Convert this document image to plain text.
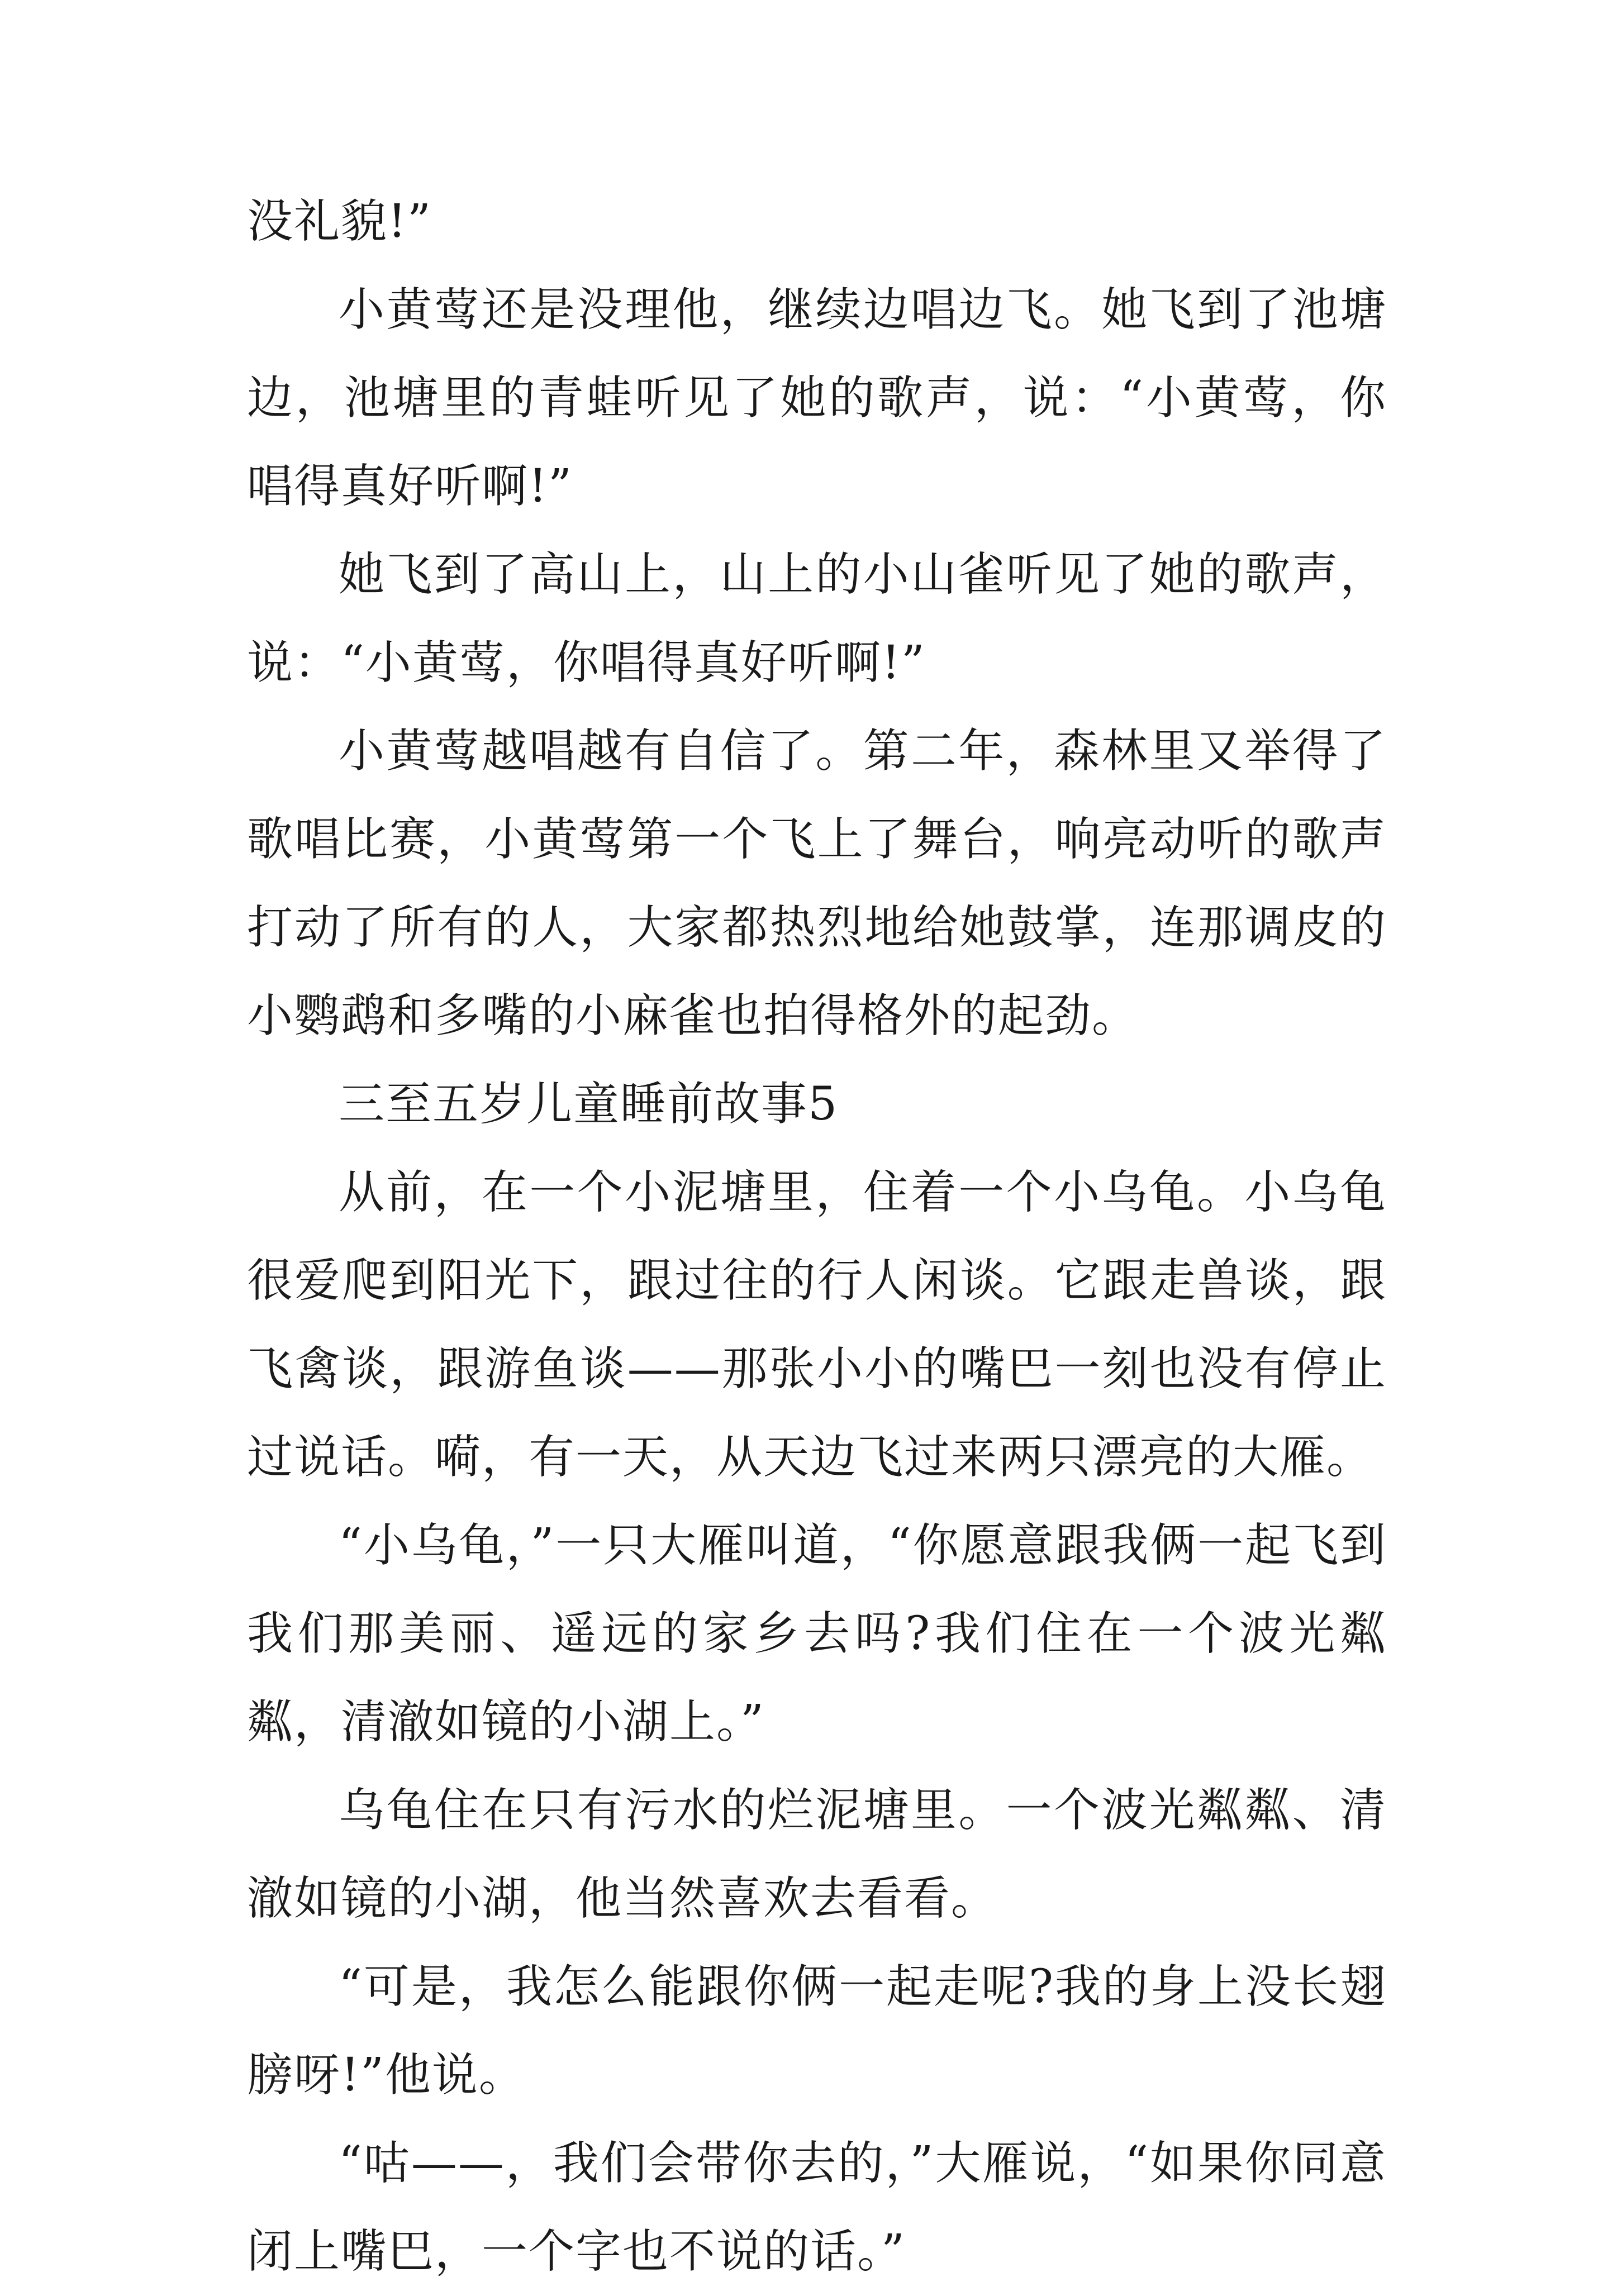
没礼貌!”

小黄莺还是没理他，继续边唱边飞。她飞到了池塘边，池塘里的青蛙听见了她的歌声，说：“小黄莺，你唱得真好听啊!”

她飞到了高山上，山上的小山雀听见了她的歌声，说：“小黄莺，你唱得真好听啊!”

小黄莺越唱越有自信了。第二年，森林里又举得了歌唱比赛，小黄莺第一个飞上了舞台，响亮动听的歌声打动了所有的人，大家都热烈地给她鼓掌，连那调皮的小鹦鹉和多嘴的小麻雀也拍得格外的起劲。

三至五岁儿童睡前故事5

从前，在一个小泥塘里，住着一个小乌龟。小乌龟很爱爬到阳光下，跟过往的行人闲谈。它跟走兽谈，跟飞禽谈，跟游鱼谈——那张小小的嘴巴一刻也没有停止过说话。嗬，有一天，从天边飞过来两只漂亮的大雁。

“小乌龟，”一只大雁叫道，“你愿意跟我俩一起飞到我们那美丽、遥远的家乡去吗?我们住在一个波光粼粼，清澈如镜的小湖上。”

乌龟住在只有污水的烂泥塘里。一个波光粼粼、清澈如镜的小湖，他当然喜欢去看看。

“可是，我怎么能跟你俩一起走呢?我的身上没长翅膀呀!”他说。

“咕——，我们会带你去的，”大雁说，“如果你同意闭上嘴巴，一个字也不说的话。”
